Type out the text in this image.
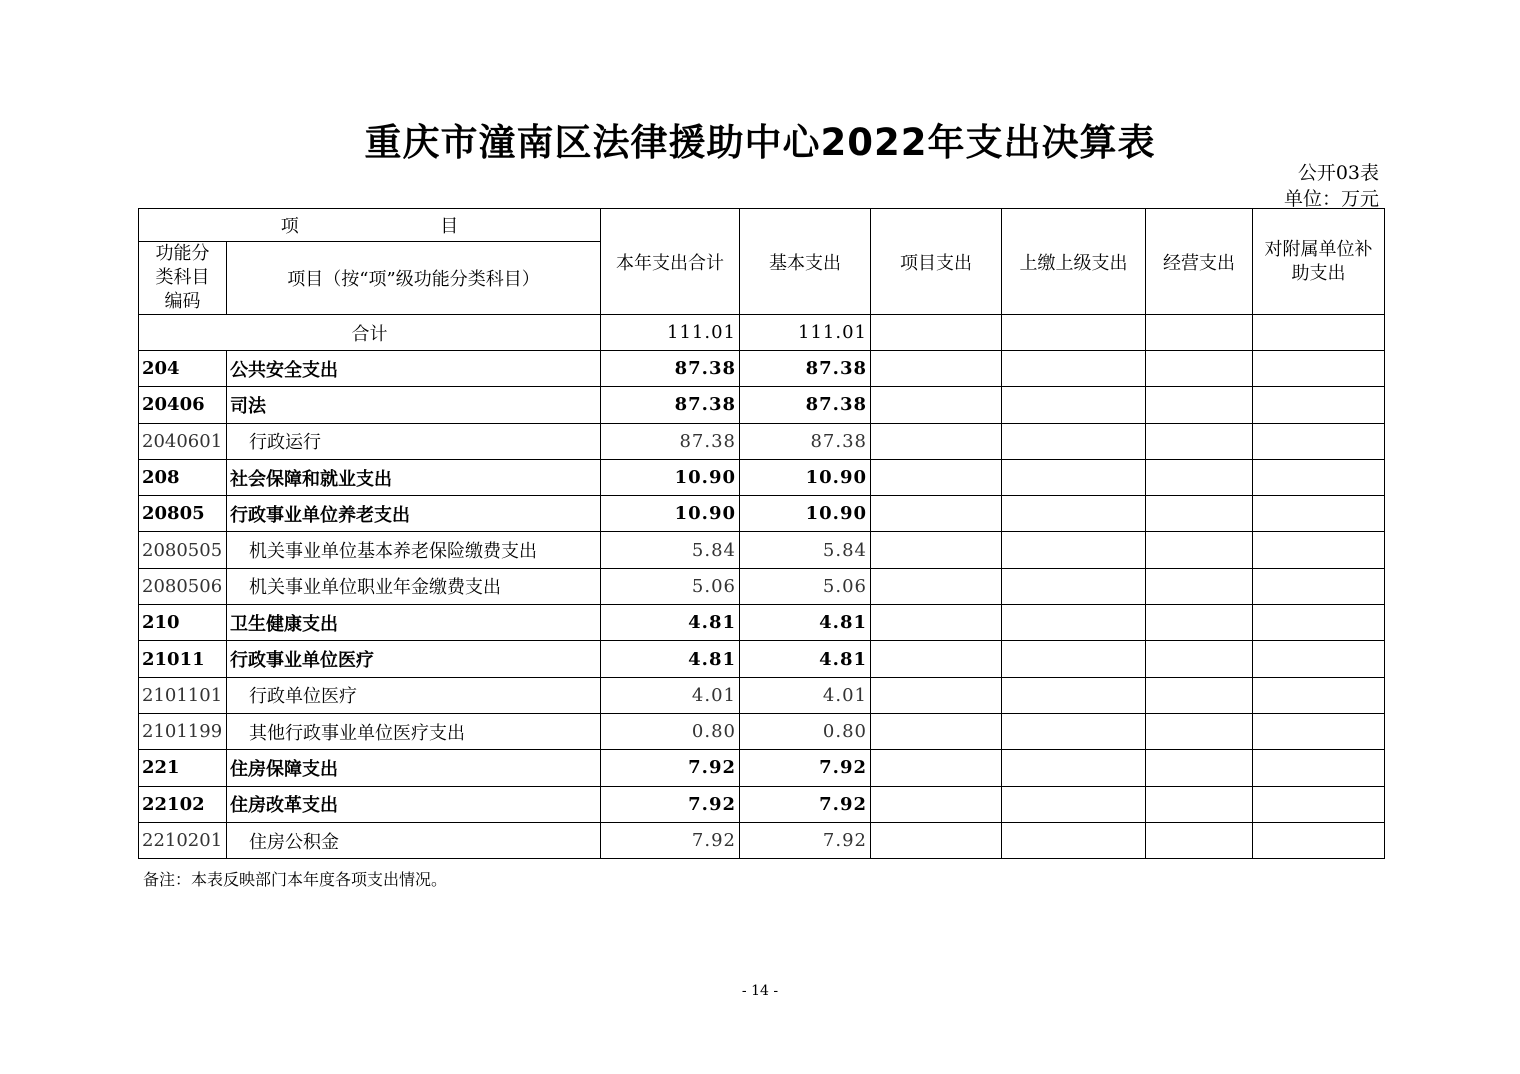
重庆市潼南区法律援助中心2022年支出决算表
公开03表
单位：万元
项 目		本年支出合计	基本支出	项目支出	上缴上级支出	经营支出	对附属单位补助支出
功能分类科目编码	项目（按“项”级功能分类科目）						
合计		111.01	111.01				
204	公共安全支出	87.38	87.38				
20406	司法	87.38	87.38				
2040601	行政运行	87.38	87.38				
208	社会保障和就业支出	10.90	10.90				
20805	行政事业单位养老支出	10.90	10.90				
2080505	机关事业单位基本养老保险缴费支出	5.84	5.84				
2080506	机关事业单位职业年金缴费支出	5.06	5.06				
210	卫生健康支出	4.81	4.81				
21011	行政事业单位医疗	4.81	4.81				
2101101	行政单位医疗	4.01	4.01				
2101199	其他行政事业单位医疗支出	0.80	0.80				
221	住房保障支出	7.92	7.92				
22102	住房改革支出	7.92	7.92				
2210201	住房公积金	7.92	7.92				
备注：本表反映部门本年度各项支出情况。
- 14 -
